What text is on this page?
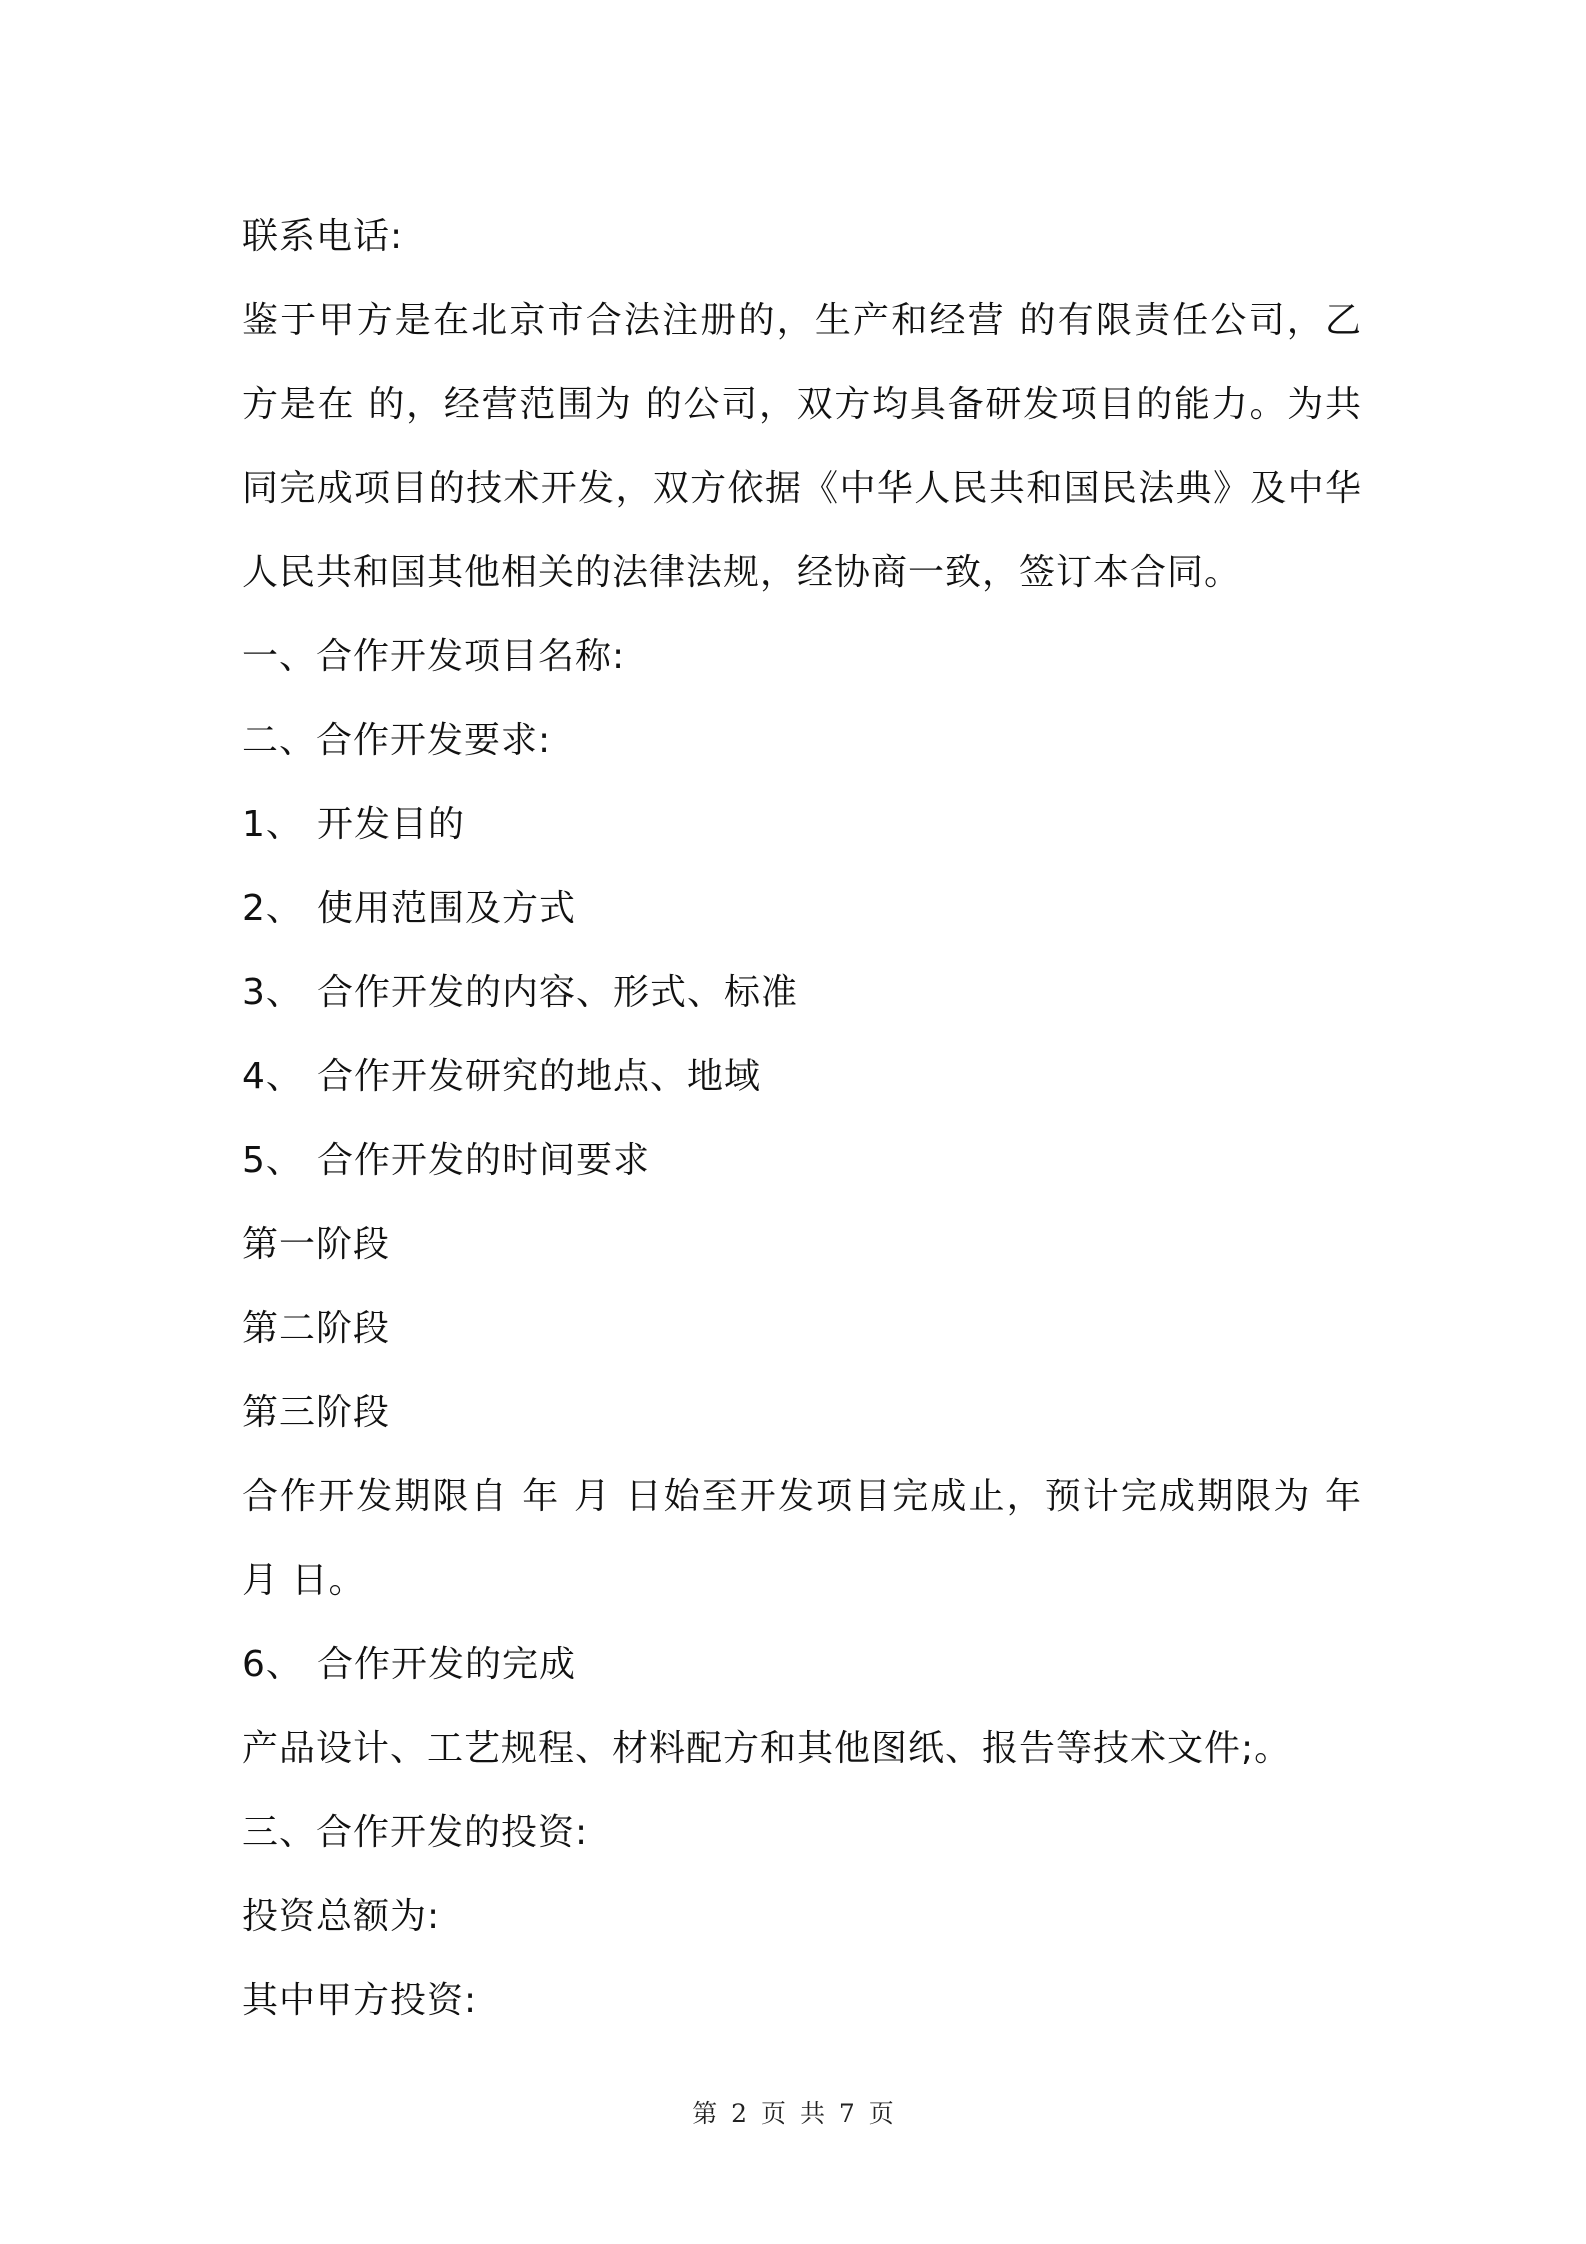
联系电话:
鉴于甲方是在北京市合法注册的，生产和经营 的有限责任公司，乙方是在 的，经营范围为 的公司，双方均具备研发项目的能力。为共同完成项目的技术开发，双方依据《中华人民共和国民法典》及中华人民共和国其他相关的法律法规，经协商一致，签订本合同。
一、合作开发项目名称:
二、合作开发要求:
1、 开发目的
2、 使用范围及方式
3、 合作开发的内容、形式、标准
4、 合作开发研究的地点、地域
5、 合作开发的时间要求
第一阶段
第二阶段
第三阶段
合作开发期限自 年 月 日始至开发项目完成止，预计完成期限为 年 月 日。
6、 合作开发的完成
产品设计、工艺规程、材料配方和其他图纸、报告等技术文件;。
三、合作开发的投资:
投资总额为:
其中甲方投资:
第 2 页 共 7 页
